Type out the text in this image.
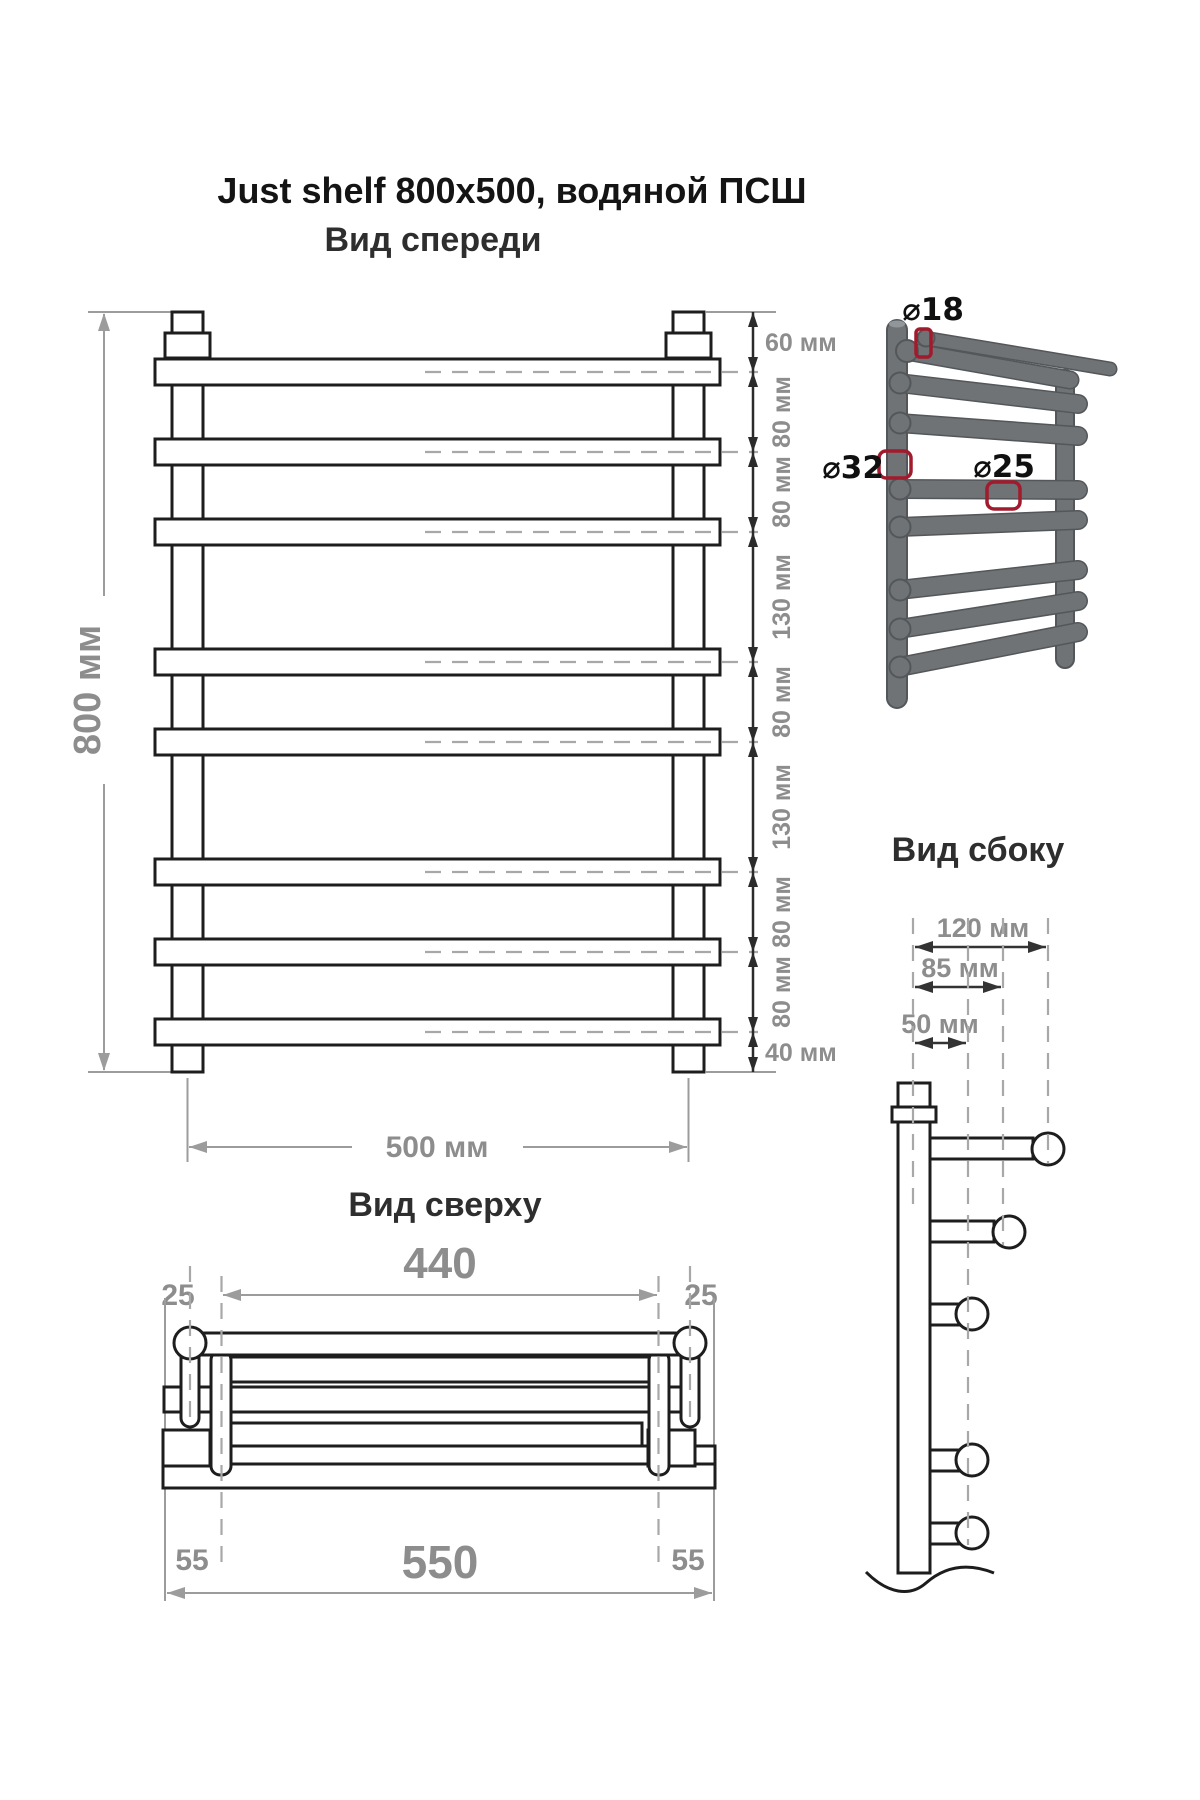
Just shelf 800x500, водяной ПСШ
Вид спереди
Вид сверху
Вид сбоку
800 мм
60 мм
80 мм
80 мм
130 мм
80 мм
130 мм
80 мм
80 мм
40 мм
500 мм
⌀18
⌀32	⌀25
440
25	25
550
55	55
120 мм
85 мм
50 мм
